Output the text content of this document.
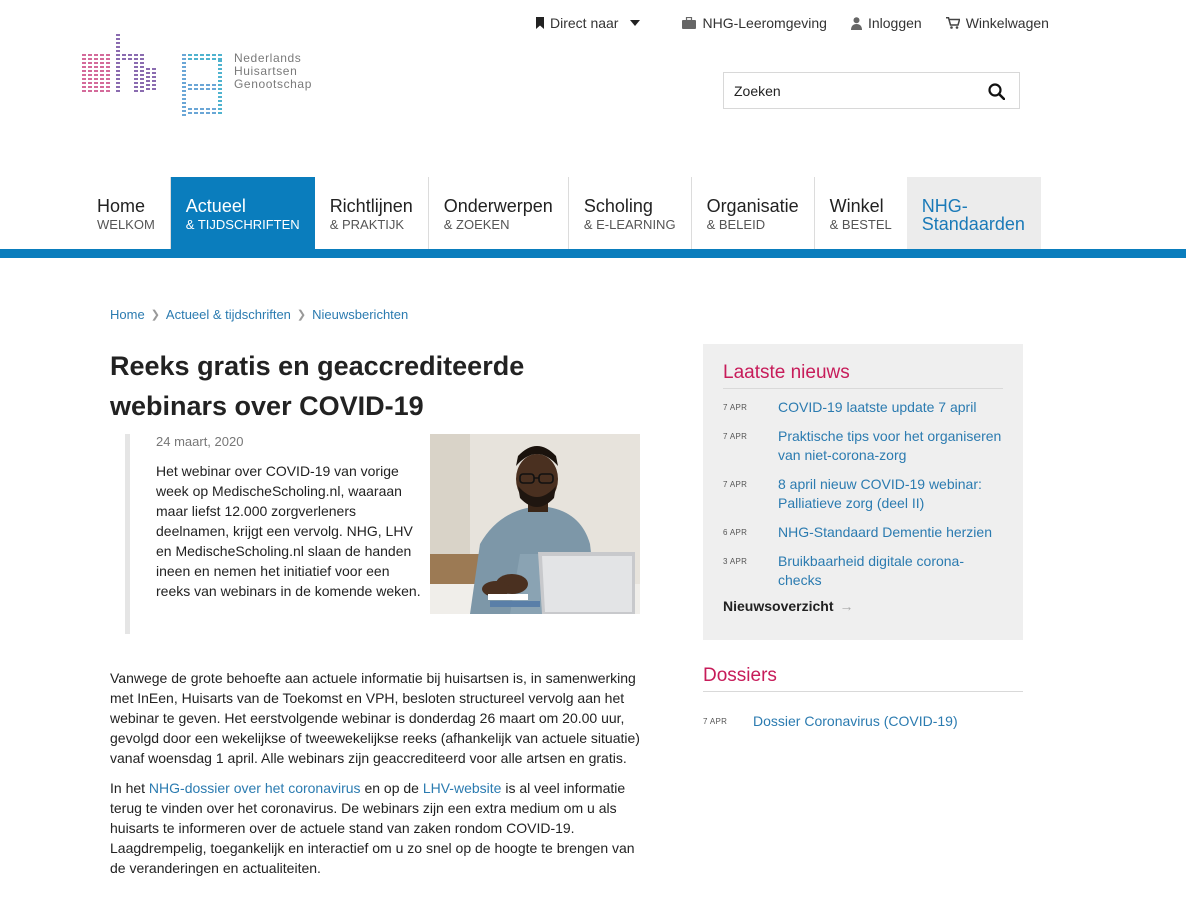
Direct naar	NHG-Leeromgeving	Inloggen	Winkelwagen
Nederlands
Huisartsen
Genootschap
Zoeken
Home
WELKOM
Actueel
& TIJDSCHRIFTEN
Richtlijnen
& PRAKTIJK
Onderwerpen
& ZOEKEN
Scholing
& E-LEARNING
Organisatie
& BELEID
Winkel
& BESTEL
NHG-
Standaarden
Home ❯ Actueel & tijdschriften ❯ Nieuwsberichten
Reeks gratis en geaccrediteerde webinars over COVID-19
24 maart, 2020
Het webinar over COVID-19 van vorige week op MedischeScholing.nl, waaraan maar liefst 12.000 zorgverleners deelnamen, krijgt een vervolg. NHG, LHV en MedischeScholing.nl slaan de handen ineen en nemen het initiatief voor een reeks van webinars in de komende weken.

Vanwege de grote behoefte aan actuele informatie bij huisartsen is, in samenwerking met InEen, Huisarts van de Toekomst en VPH, besloten structureel vervolg aan het webinar te geven. Het eerstvolgende webinar is donderdag 26 maart om 20.00 uur, gevolgd door een wekelijkse of tweewekelijkse reeks (afhankelijk van actuele situatie) vanaf woensdag 1 april. Alle webinars zijn geaccrediteerd voor alle artsen en gratis.

In het NHG-dossier over het coronavirus en op de LHV-website is al veel informatie terug te vinden over het coronavirus. De webinars zijn een extra medium om u als huisarts te informeren over de actuele stand van zaken rondom COVID-19. Laagdrempelig, toegankelijk en interactief om u zo snel op de hoogte te brengen van de veranderingen en actualiteiten.

Laatste nieuws
7 APR	COVID-19 laatste update 7 april
7 APR	Praktische tips voor het organiseren van niet-corona-zorg
7 APR	8 april nieuw COVID-19 webinar: Palliatieve zorg (deel II)
6 APR	NHG-Standaard Dementie herzien
3 APR	Bruikbaarheid digitale corona-checks
Nieuwsoverzicht →
Dossiers
7 APR	Dossier Coronavirus (COVID-19)
